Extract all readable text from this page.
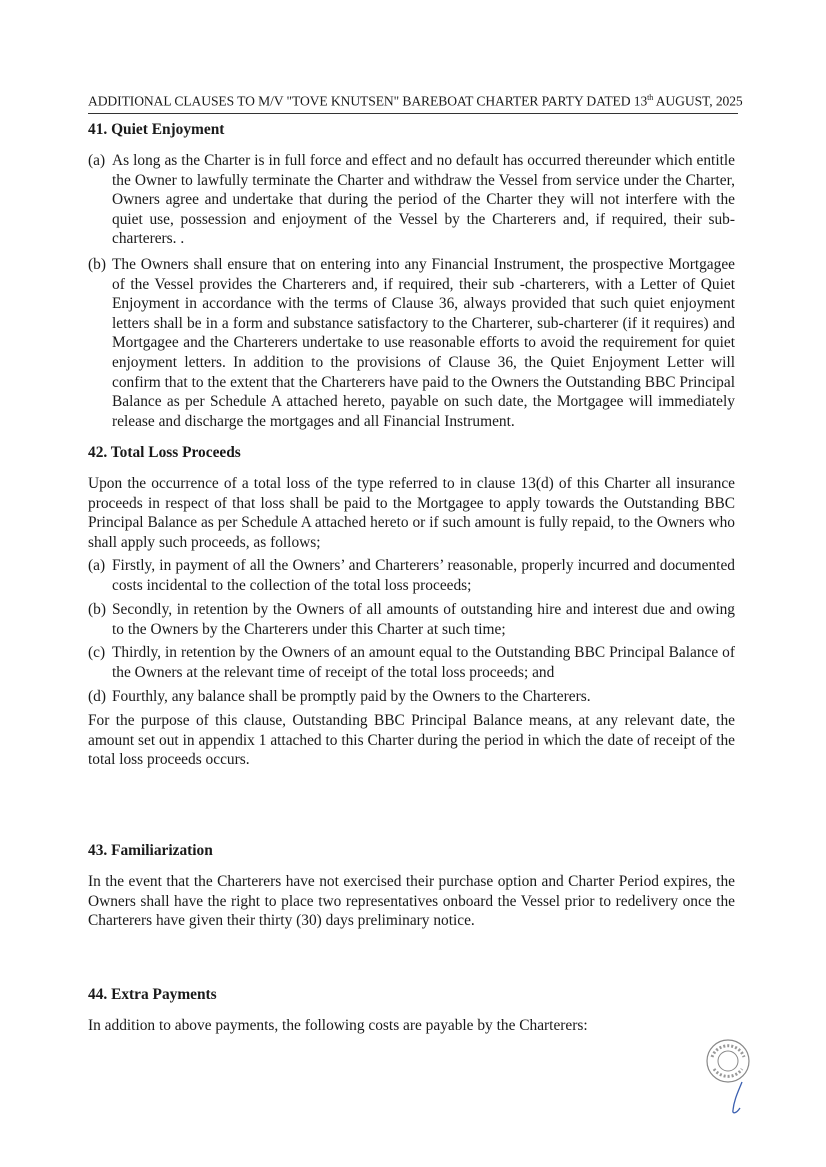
ADDITIONAL CLAUSES TO M/V "TOVE KNUTSEN" BAREBOAT CHARTER PARTY DATED 13th AUGUST, 2025
41. Quiet Enjoyment
(a) As long as the Charter is in full force and effect and no default has occurred thereunder which entitle the Owner to lawfully terminate the Charter and withdraw the Vessel from service under the Charter, Owners agree and undertake that during the period of the Charter they will not interfere with the quiet use, possession and enjoyment of the Vessel by the Charterers and, if required, their sub-charterers. .
(b) The Owners shall ensure that on entering into any Financial Instrument, the prospective Mortgagee of the Vessel provides the Charterers and, if required, their sub -charterers, with a Letter of Quiet Enjoyment in accordance with the terms of Clause 36, always provided that such quiet enjoyment letters shall be in a form and substance satisfactory to the Charterer, sub-charterer (if it requires) and Mortgagee and the Charterers undertake to use reasonable efforts to avoid the requirement for quiet enjoyment letters. In addition to the provisions of Clause 36, the Quiet Enjoyment Letter will confirm that to the extent that the Charterers have paid to the Owners the Outstanding BBC Principal Balance as per Schedule A attached hereto, payable on such date, the Mortgagee will immediately release and discharge the mortgages and all Financial Instrument.
42. Total Loss Proceeds
Upon the occurrence of a total loss of the type referred to in clause 13(d) of this Charter all insurance proceeds in respect of that loss shall be paid to the Mortgagee to apply towards the Outstanding BBC Principal Balance as per Schedule A attached hereto or if such amount is fully repaid, to the Owners who shall apply such proceeds, as follows;
(a) Firstly, in payment of all the Owners’ and Charterers’ reasonable, properly incurred and documented costs incidental to the collection of the total loss proceeds;
(b) Secondly, in retention by the Owners of all amounts of outstanding hire and interest due and owing to the Owners by the Charterers under this Charter at such time;
(c) Thirdly, in retention by the Owners of an amount equal to the Outstanding BBC Principal Balance of the Owners at the relevant time of receipt of the total loss proceeds; and
(d) Fourthly, any balance shall be promptly paid by the Owners to the Charterers.
For the purpose of this clause, Outstanding BBC Principal Balance means, at any relevant date, the amount set out in appendix 1 attached to this Charter during the period in which the date of receipt of the total loss proceeds occurs.
43. Familiarization
In the event that the Charterers have not exercised their purchase option and Charter Period expires, the Owners shall have the right to place two representatives onboard the Vessel prior to redelivery once the Charterers have given their thirty (30) days preliminary notice.
44. Extra Payments
In addition to above payments, the following costs are payable by the Charterers:
